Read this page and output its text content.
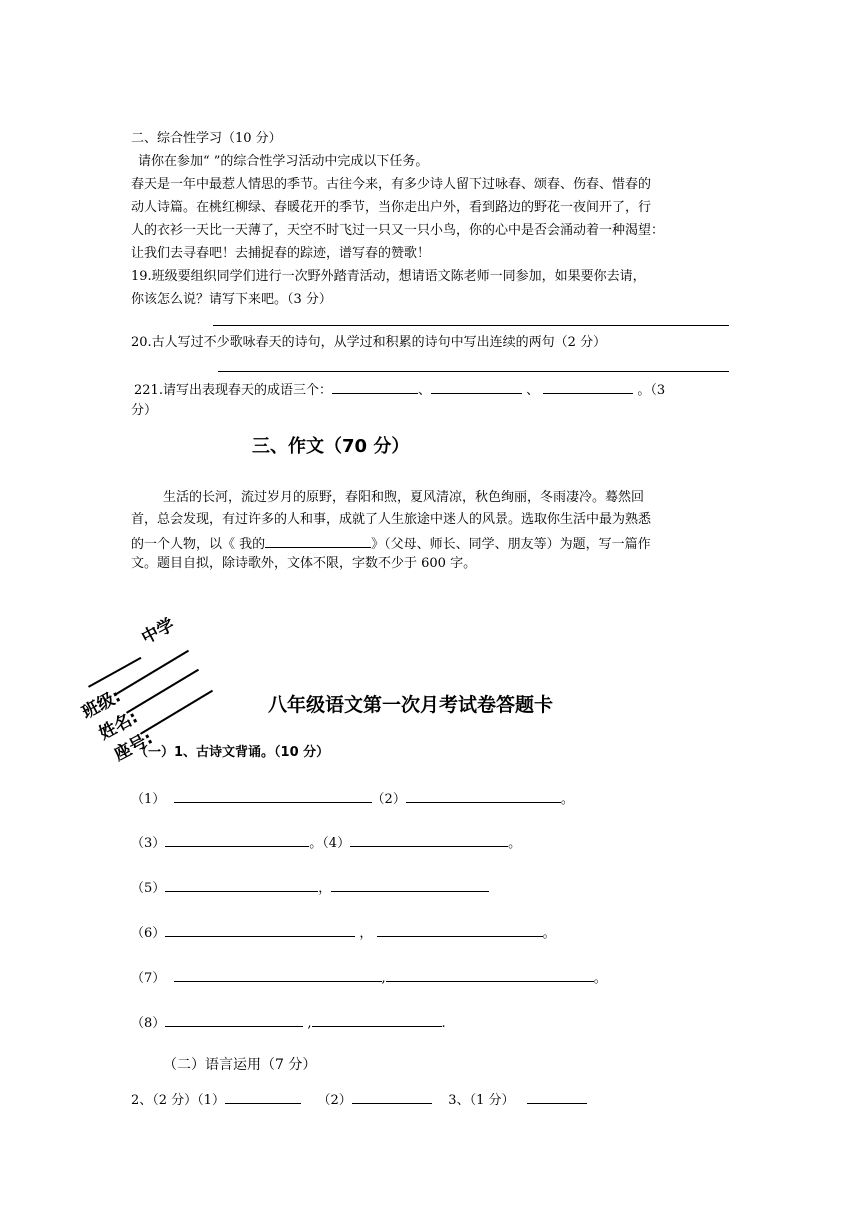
二、综合性学习（10 分）
请你在参加“ ”的综合性学习活动中完成以下任务。
春天是一年中最惹人情思的季节。古往今来，有多少诗人留下过咏春、颂春、伤春、惜春的
动人诗篇。在桃红柳绿、春暖花开的季节，当你走出户外，看到路边的野花一夜间开了，行
人的衣衫一天比一天薄了，天空不时飞过一只又一只小鸟，你的心中是否会涌动着一种渴望：
让我们去寻春吧！去捕捉春的踪迹，谱写春的赞歌！
19.班级要组织同学们进行一次野外踏青活动，想请语文陈老师一同参加，如果要你去请，
你该怎么说？请写下来吧。（3 分）
20.古人写过不少歌咏春天的诗句，从学过和积累的诗句中写出连续的两句（2 分）
221.请写出表现春天的成语三个：	、	、	。（3
分）
三、作文（70 分）
生活的长河，流过岁月的原野，春阳和煦，夏风清凉，秋色绚丽，冬雨凄冷。蓦然回
首，总会发现，有过许多的人和事，成就了人生旅途中迷人的风景。选取你生活中最为熟悉
的一个人物，以《 我的	》（父母、师长、同学、朋友等）为题，写一篇作
文。题目自拟，除诗歌外，文体不限，字数不少于 600 字。
中学
班级:
姓名:
座号:
八年级语文第一次月考试卷答题卡
（一）1、古诗文背诵。（10 分）
（1）	（2）	。
（3）	。（4）	。
（5）	，
（6）	，	。
（7）	,	。
（8）	,	.
（二）语言运用（7 分）
2、（2 分）（1）	（2）	3、（1 分）
